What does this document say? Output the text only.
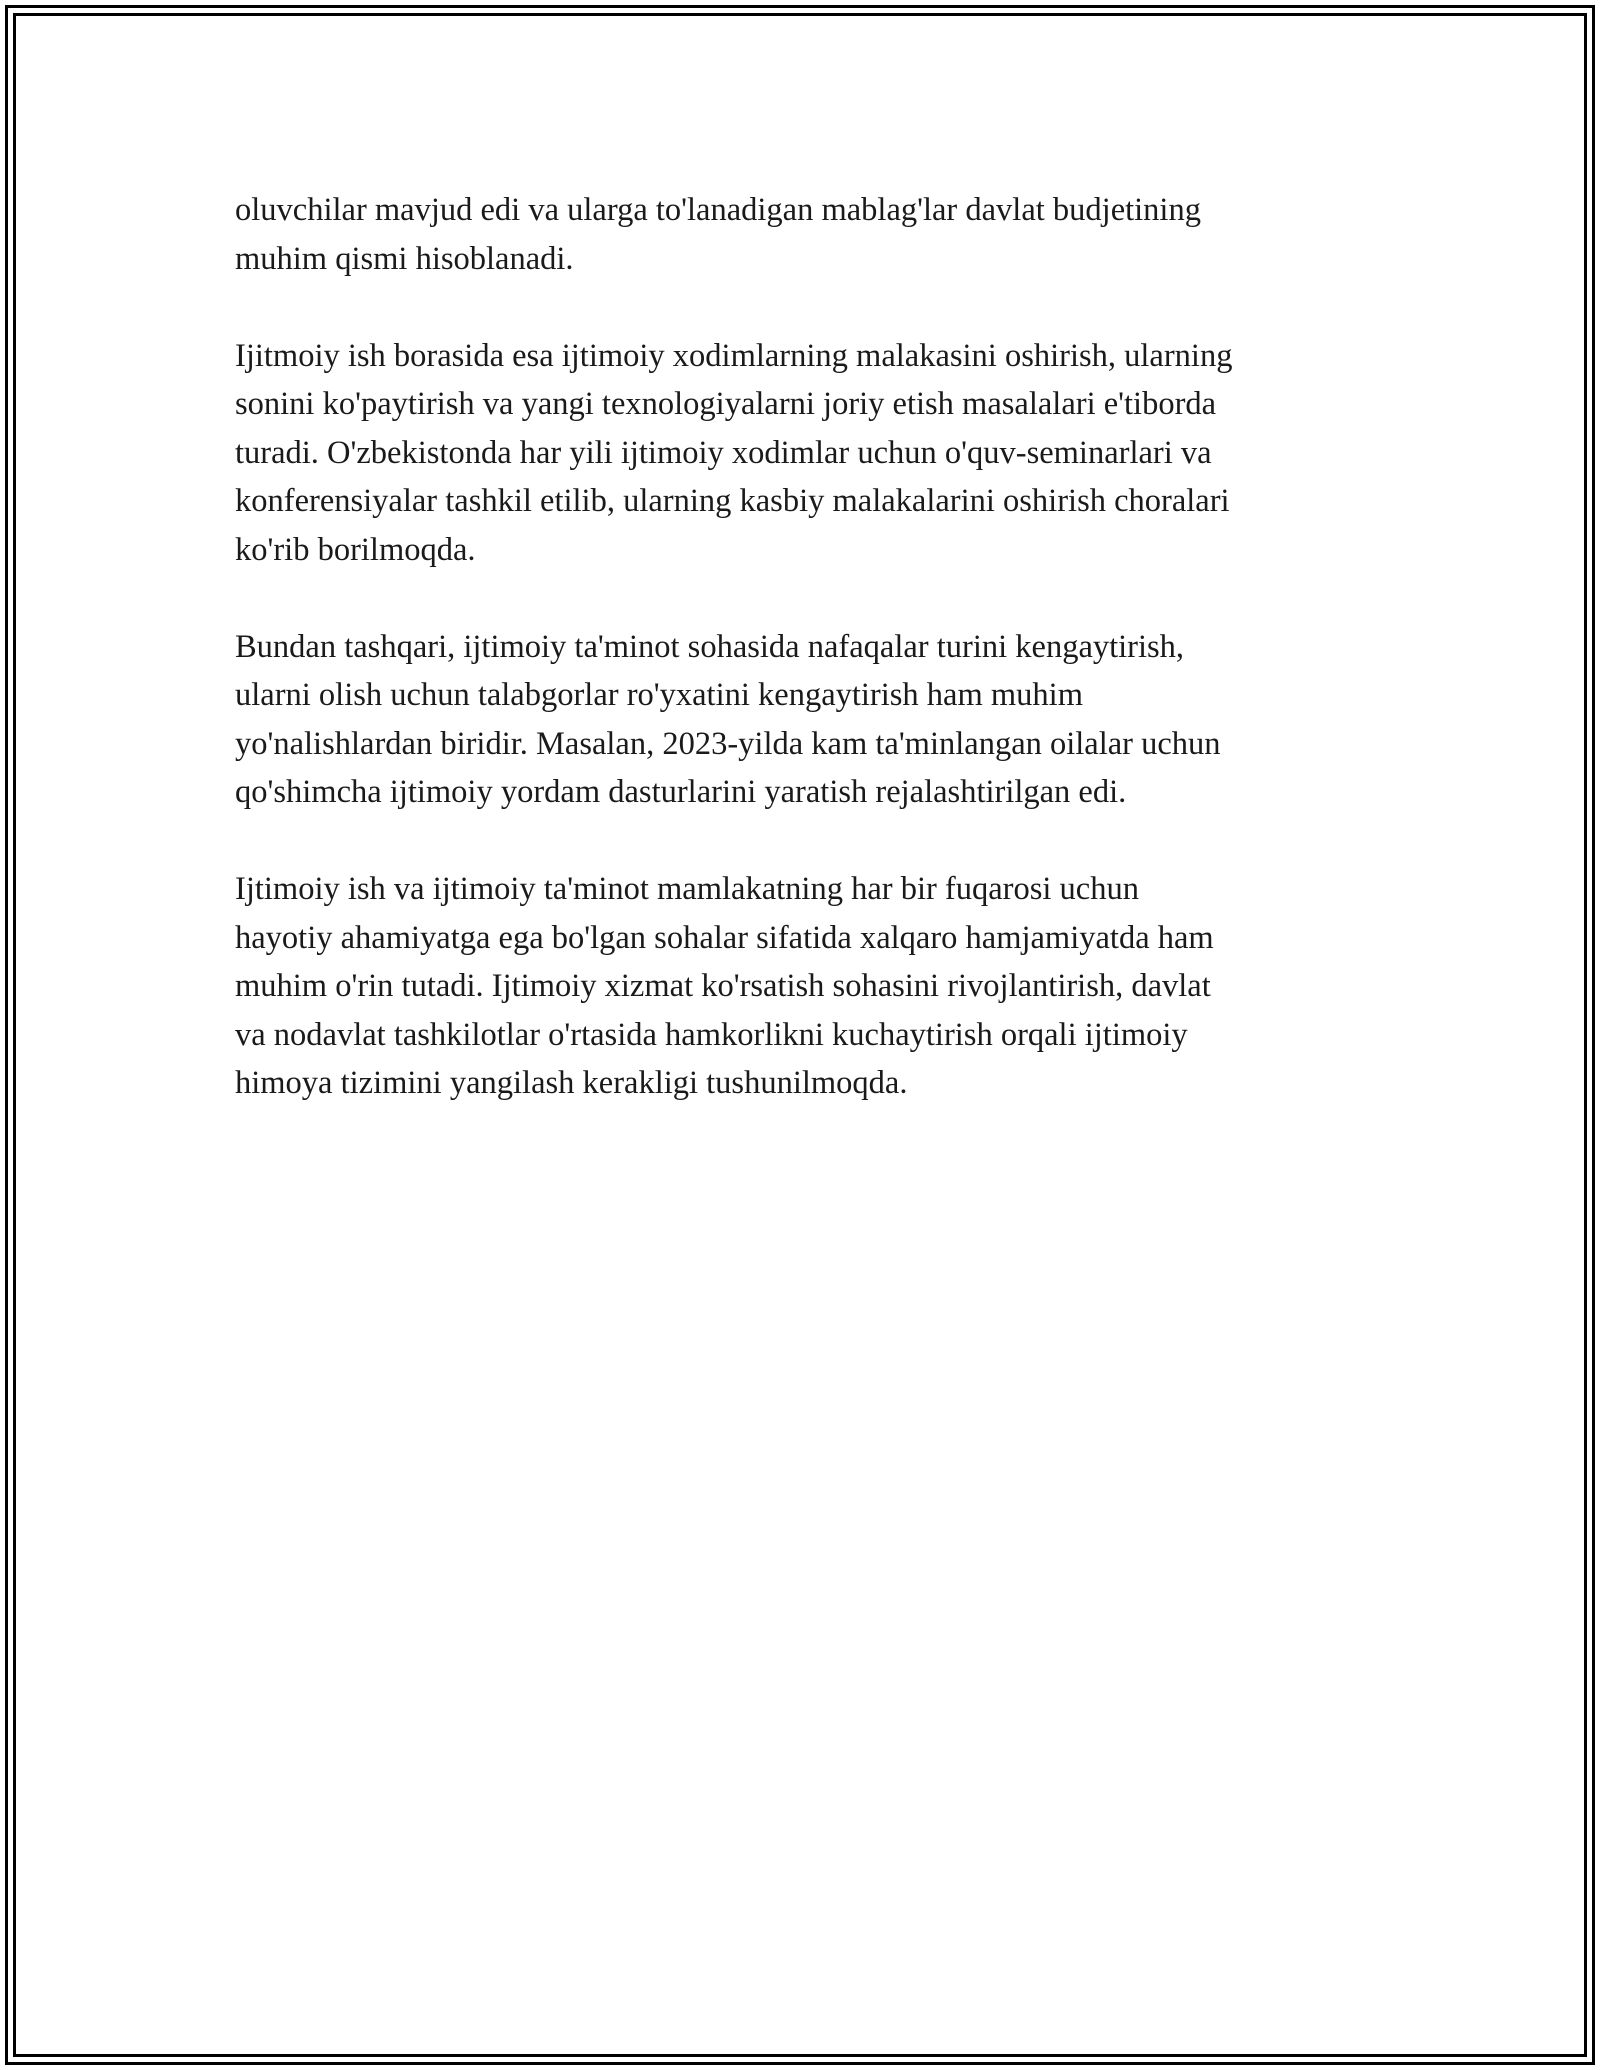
oluvchilar mavjud edi va ularga to'lanadigan mablag'lar davlat budjetining
muhim qismi hisoblanadi.

Ijitmoiy ish borasida esa ijtimoiy xodimlarning malakasini oshirish, ularning
sonini ko'paytirish va yangi texnologiyalarni joriy etish masalalari e'tiborda
turadi. O'zbekistonda har yili ijtimoiy xodimlar uchun o'quv-seminarlari va
konferensiyalar tashkil etilib, ularning kasbiy malakalarini oshirish choralari
ko'rib borilmoqda.

Bundan tashqari, ijtimoiy ta'minot sohasida nafaqalar turini kengaytirish,
ularni olish uchun talabgorlar ro'yxatini kengaytirish ham muhim
yo'nalishlardan biridir. Masalan, 2023-yilda kam ta'minlangan oilalar uchun
qo'shimcha ijtimoiy yordam dasturlarini yaratish rejalashtirilgan edi.

Ijtimoiy ish va ijtimoiy ta'minot mamlakatning har bir fuqarosi uchun
hayotiy ahamiyatga ega bo'lgan sohalar sifatida xalqaro hamjamiyatda ham
muhim o'rin tutadi. Ijtimoiy xizmat ko'rsatish sohasini rivojlantirish, davlat
va nodavlat tashkilotlar o'rtasida hamkorlikni kuchaytirish orqali ijtimoiy
himoya tizimini yangilash kerakligi tushunilmoqda.
